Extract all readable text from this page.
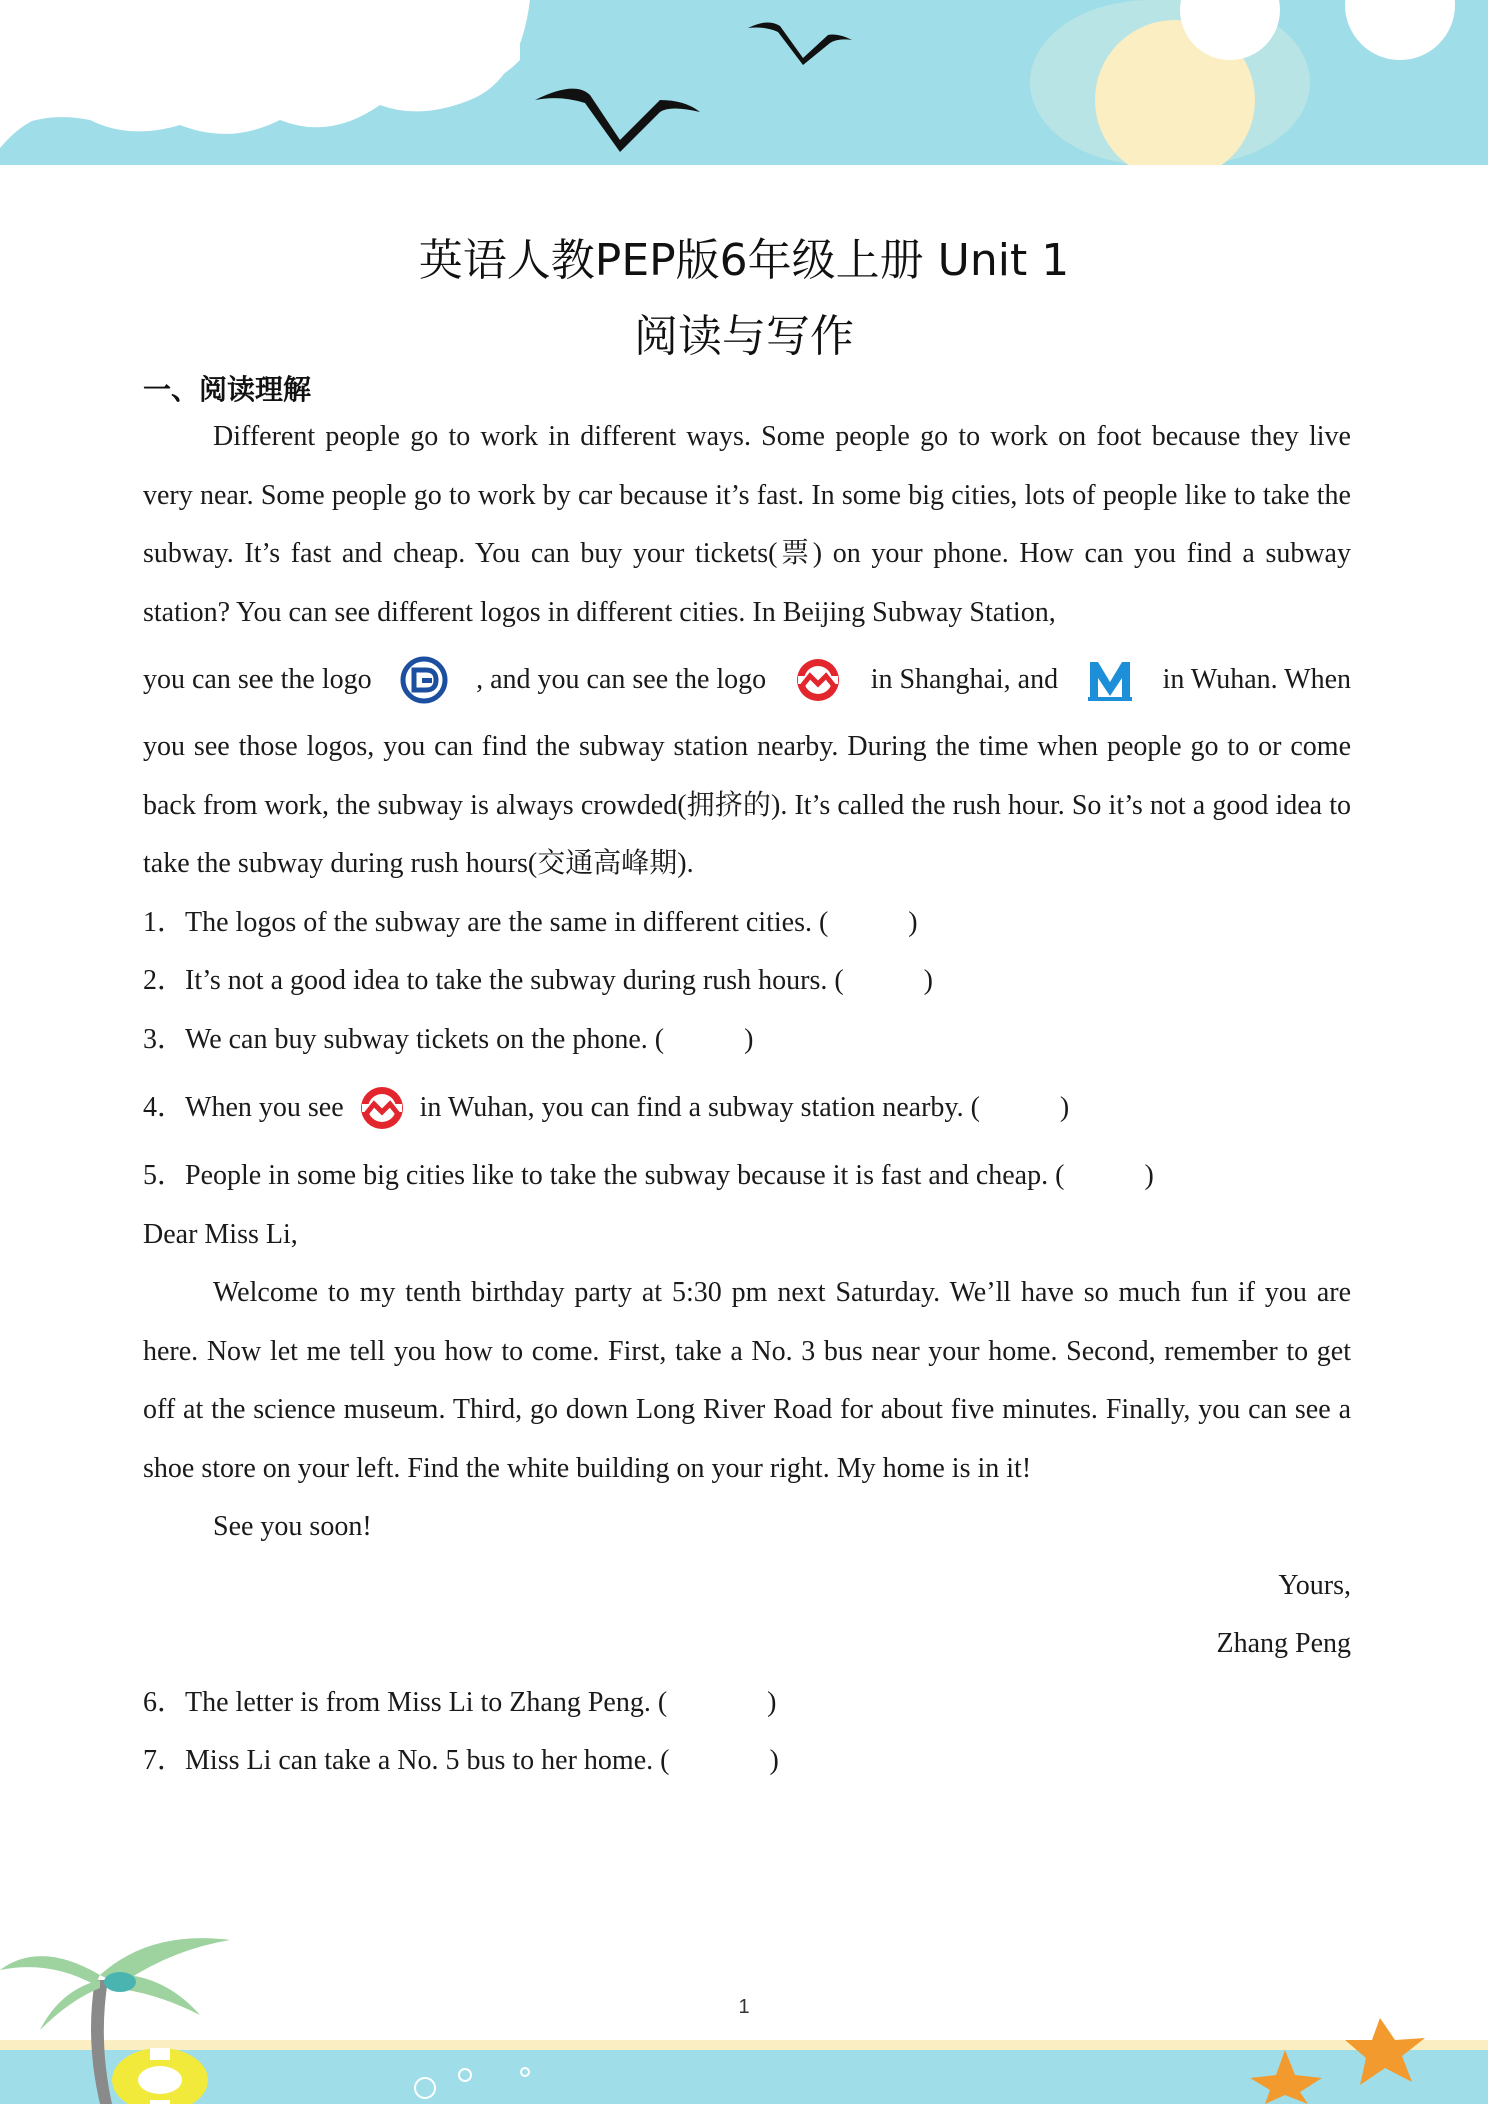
英语人教PEP版6年级上册 Unit 1
阅读与写作
一、阅读理解

Different people go to work in different ways. Some people go to work on foot because they live very near. Some people go to work by car because it’s fast. In some big cities, lots of people like to take the subway. It’s fast and cheap. You can buy your tickets(票) on your phone. How can you find a subway station? You can see different logos in different cities. In Beijing Subway Station,

you can see the logo	, and you can see the logo	in Shanghai, and	in Wuhan. When

you see those logos, you can find the subway station nearby. During the time when people go to or come back from work, the subway is always crowded(拥挤的). It’s called the rush hour. So it’s not a good idea to take the subway during rush hours(交通高峰期).

1．The logos of the subway are the same in different cities. (	)

2．It’s not a good idea to take the subway during rush hours. (	)

3．We can buy subway tickets on the phone. (	)

4． When you see	in Wuhan, you can find a subway station nearby. (	)

5．People in some big cities like to take the subway because it is fast and cheap. (	)

Dear Miss Li,

Welcome to my tenth birthday party at 5:30 pm next Saturday. We’ll have so much fun if you are here. Now let me tell you how to come. First, take a No. 3 bus near your home. Second, remember to get off at the science museum. Third, go down Long River Road for about five minutes. Finally, you can see a shoe store on your left. Find the white building on your right. My home is in it!

See you soon!

Yours,

Zhang Peng

6．The letter is from Miss Li to Zhang Peng. (	)

7．Miss Li can take a No. 5 bus to her home. (	)

1
